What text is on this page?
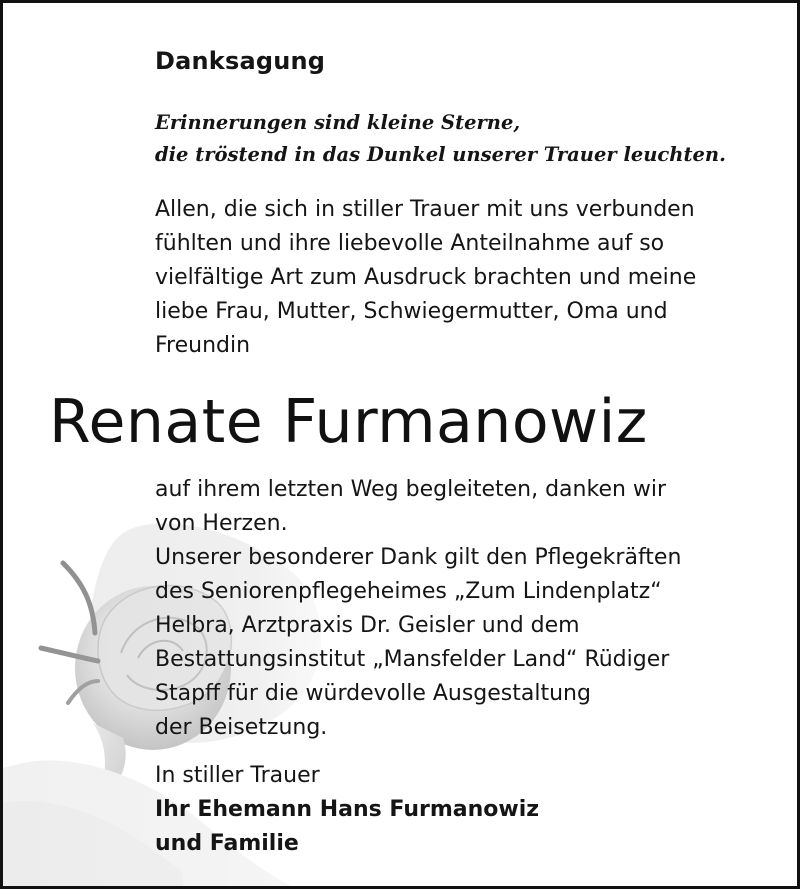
Danksagung
Erinnerungen sind kleine Sterne,
die tröstend in das Dunkel unserer Trauer leuchten.
Allen, die sich in stiller Trauer mit uns verbunden
fühlten und ihre liebevolle Anteilnahme auf so
vielfältige Art zum Ausdruck brachten und meine
liebe Frau, Mutter, Schwiegermutter, Oma und
Freundin
Renate Furmanowiz
auf ihrem letzten Weg begleiteten, danken wir
von Herzen.
Unserer besonderer Dank gilt den Pflegekräften
des Seniorenpflegeheimes „Zum Lindenplatz“
Helbra, Arztpraxis Dr. Geisler und dem
Bestattungsinstitut „Mansfelder Land“ Rüdiger
Stapff für die würdevolle Ausgestaltung
der Beisetzung.
In stiller Trauer
Ihr Ehemann Hans Furmanowiz
und Familie
